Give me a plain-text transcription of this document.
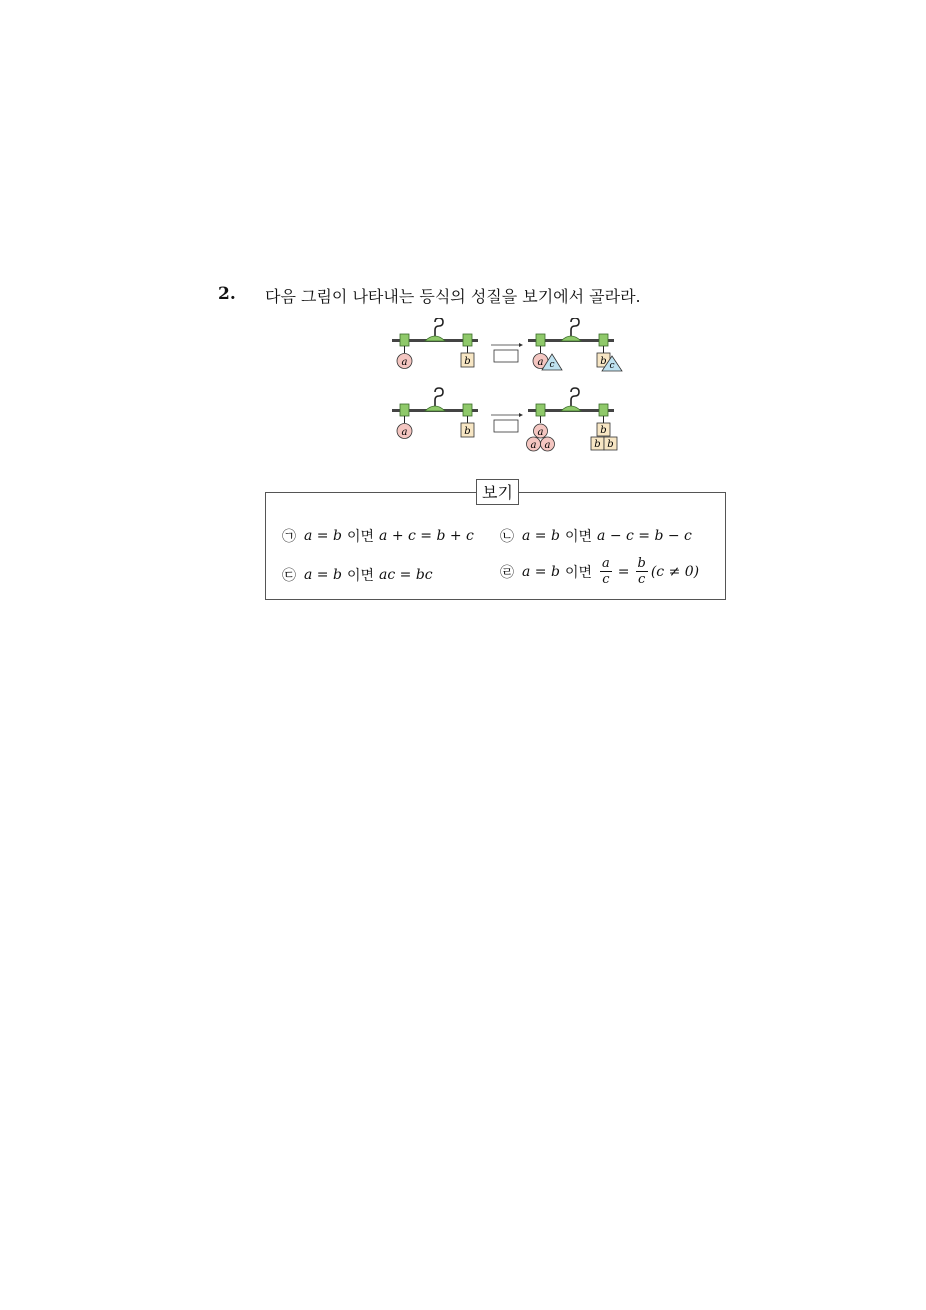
2. 다음 그림이 나타내는 등식의 성질을 보기에서 골라라.
a	b	a c	b c
a	b	a
a a
b
b b
보기
㉠ a = b 이면 a + c = b + c ㉡ a = b 이면 a − c = b − c
㉢ a = b 이면 ac = bc	㉣ a = b 이면 $\frac{a}{c} = \frac{b}{c} (c \ne 0)$
